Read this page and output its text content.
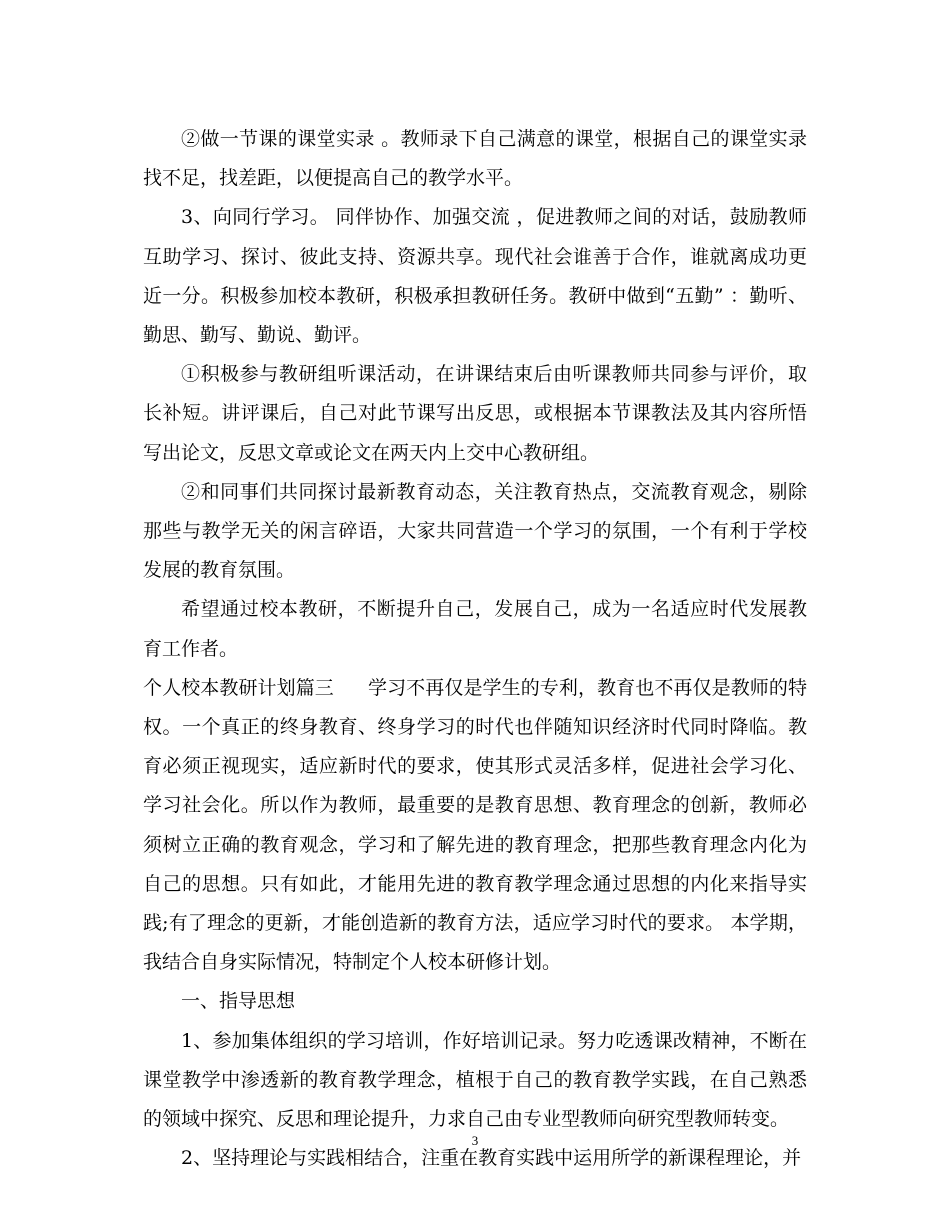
②做一节课的课堂实录 。教师录下自己满意的课堂，根据自己的课堂实录找不足，找差距，以便提高自己的教学水平。

3、向同行学习。 同伴协作、加强交流 ，促进教师之间的对话，鼓励教师互助学习、探讨、彼此支持、资源共享。现代社会谁善于合作，谁就离成功更近一分。积极参加校本教研，积极承担教研任务。教研中做到“五勤” ：勤听、勤思、勤写、勤说、勤评。

①积极参与教研组听课活动，在讲课结束后由听课教师共同参与评价，取长补短。讲评课后，自己对此节课写出反思，或根据本节课教法及其内容所悟写出论文，反思文章或论文在两天内上交中心教研组。

②和同事们共同探讨最新教育动态，关注教育热点，交流教育观念，剔除那些与教学无关的闲言碎语，大家共同营造一个学习的氛围，一个有利于学校发展的教育氛围。

希望通过校本教研，不断提升自己，发展自己，成为一名适应时代发展教育工作者。

个人校本教研计划篇三 学习不再仅是学生的专利，教育也不再仅是教师的特权。一个真正的终身教育、终身学习的时代也伴随知识经济时代同时降临。教育必须正视现实，适应新时代的要求，使其形式灵活多样，促进社会学习化、学习社会化。所以作为教师，最重要的是教育思想、教育理念的创新，教师必须树立正确的教育观念，学习和了解先进的教育理念，把那些教育理念内化为自己的思想。只有如此，才能用先进的教育教学理念通过思想的内化来指导实践;有了理念的更新，才能创造新的教育方法，适应学习时代的要求。 本学期，我结合自身实际情况，特制定个人校本研修计划。

一、指导思想

1、参加集体组织的学习培训，作好培训记录。努力吃透课改精神，不断在课堂教学中渗透新的教育教学理念，植根于自己的教育教学实践，在自己熟悉的领域中探究、反思和理论提升，力求自己由专业型教师向研究型教师转变。

2、坚持理论与实践相结合，注重在教育实践中运用所学的新课程理论，并

3
